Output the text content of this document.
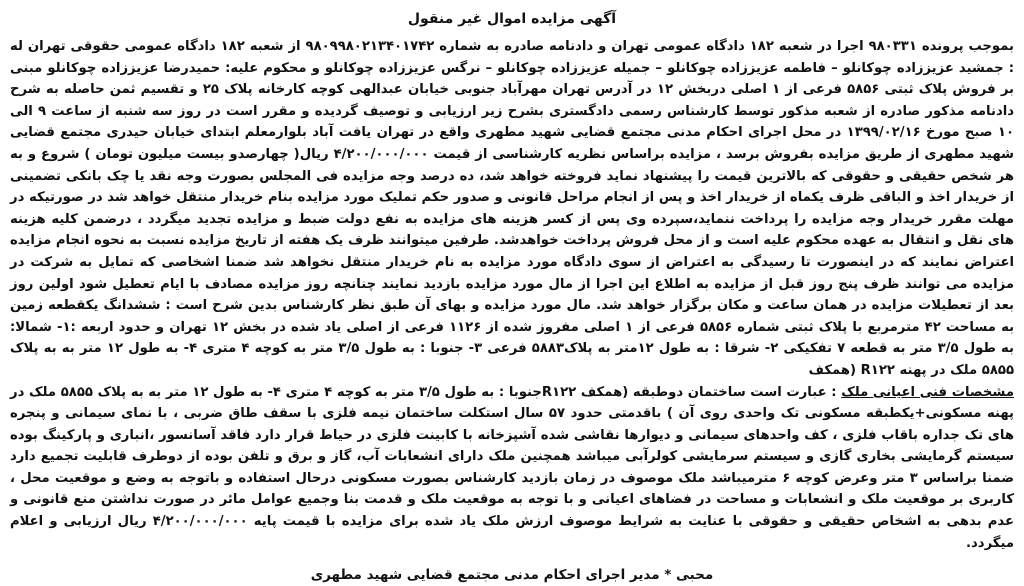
آگهی مزایده اموال غیر منقول

بموجب پرونده ۹۸۰۳۳۱ اجرا در شعبه ۱۸۲ دادگاه عمومی تهران و دادنامه صادره به شماره ۹۸۰۹۹۸۰۲۱۳۴۰۱۷۴۲ از شعبه ۱۸۲ دادگاه عمومی حقوقی تهران له : جمشید عزیززاده چوکانلو – فاطمه عزیززاده چوکانلو – جمیله عزیززاده چوکانلو – نرگس عزیززاده چوکانلو و محکوم علیه: حمیدرضا عزیززاده چوکانلو مبنی بر فروش پلاک ثبتی ۵۸۵۶ فرعی از ۱ اصلی دربخش ۱۲ در آدرس تهران مهرآباد جنوبی خیابان عبدالهی کوچه کارخانه پلاک ۲۵ و تقسیم ثمن حاصله به شرح دادنامه مذکور صادره از شعبه مذکور توسط کارشناس رسمی دادگستری بشرح زیر ارزیابی و توصیف گردیده و مقرر است در روز سه شنبه از ساعت ۹ الی ۱۰ صبح مورخ ۱۳۹۹/۰۲/۱۶ در محل اجرای احکام مدنی مجتمع قضایی شهید مطهری واقع در تهران یافت آباد بلوارمعلم ابتدای خیابان حیدری مجتمع قضایی شهید مطهری از طریق مزایده بفروش برسد ، مزایده براساس نظریه کارشناسی از قیمت ۴/۲۰۰/۰۰۰/۰۰۰ ریال( چهارصدو بیست میلیون تومان ) شروع و به هر شخص حقیقی و حقوقی که بالاترین قیمت را پیشنهاد نماید فروخته خواهد شد، ده درصد وجه مزایده فی المجلس بصورت وجه نقد یا چک بانکی تضمینی از خریدار اخذ و الباقی ظرف یکماه از خریدار اخذ و پس از انجام مراحل قانونی و صدور حکم تملیک مورد مزایده بنام خریدار منتقل خواهد شد در صورتیکه در مهلت مقرر خریدار وجه مزایده را پرداخت ننماید،سپرده وی پس از کسر هزینه های مزایده به نفع دولت ضبط و مزایده تجدید میگردد ، درضمن کلیه هزینه های نقل و انتقال به عهده محکوم علیه است و از محل فروش پرداخت خواهدشد. طرفین میتوانند ظرف یک هفته از تاریخ مزایده نسبت به نحوه انجام مزایده اعتراض نمایند که در اینصورت تا رسیدگی به اعتراض از سوی دادگاه مورد مزایده به نام خریدار منتقل نخواهد شد ضمنا اشخاصی که تمایل به شرکت در مزایده می توانند ظرف پنج روز قبل از مزایده به اطلاع این اجرا از مال مورد مزایده بازدید نمایند چنانچه روز مزایده مصادف با ایام تعطیل شود اولین روز بعد از تعطیلات مزایده در همان ساعت و مکان برگزار خواهد شد. مال مورد مزایده و بهای آن طبق نظر کارشناس بدین شرح است : ششدانگ یکقطعه زمین به مساحت ۴۲ مترمربع با پلاک ثبتی شماره ۵۸۵۶ فرعی از ۱ اصلی مفروز شده از ۱۱۲۶ فرعی از اصلی یاد شده در بخش ۱۲ تهران و حدود اربعه :۱- شمالا: به طول ۳/۵ متر به قطعه ۷ تفکیکی ۲- شرقا : به طول ۱۲متر به پلاک۵۸۸۳ فرعی ۳- جنوبا : به طول ۳/۵ متر به کوچه ۴ متری ۴- به طول ۱۲ متر به به پلاک ۵۸۵۵ ملک در پهنه R۱۲۲ (همکف

مشخصات فنی اعیانی ملک : عبارت است ساختمان دوطبقه (همکف R۱۲۲جنوبا : به طول ۳/۵ متر به کوچه ۴ متری ۴- به طول ۱۲ متر به به پلاک ۵۸۵۵ ملک در پهنه مسکونی+یکطبقه مسکونی تک واحدی روی آن ) باقدمتی حدود ۵۷ سال استکلت ساختمان نیمه فلزی با سقف طاق ضربی ، با نمای سیمانی و پنجره های تک جداره باقاب فلزی ، کف واحدهای سیمانی و دیوارها نقاشی شده آشپزخانه با کابینت فلزی در حیاط قرار دارد فاقد آسانسور ،انباری و پارکینگ بوده سیستم گرمایشی بخاری گازی و سیستم سرمایشی کولرآبی میباشد همچنین ملک دارای انشعابات آب، گاز و برق و تلفن بوده از دوطرف قابلیت تجمیع دارد ضمنا براساس ۳ متر وعرض کوچه ۶ مترمیباشد ملک موصوف در زمان بازدید کارشناس بصورت مسکونی درحال استفاده و باتوجه به وضع و موقعیت محل ، کاربری بر موقعیت ملک و انشعابات و مساحت در فضاهای اعیانی و با توجه به موقعیت ملک و قدمت بنا وجمیع عوامل مائر در صورت نداشتن منع قانونی و عدم بدهی به اشخاص حقیقی و حقوقی با عنایت به شرایط موصوف ارزش ملک یاد شده برای مزایده با قیمت پایه ۴/۲۰۰/۰۰۰/۰۰۰ ریال ارزیابی و اعلام میگردد.

محبی * مدیر اجرای احکام مدنی مجتمع قضایی شهید مطهری
